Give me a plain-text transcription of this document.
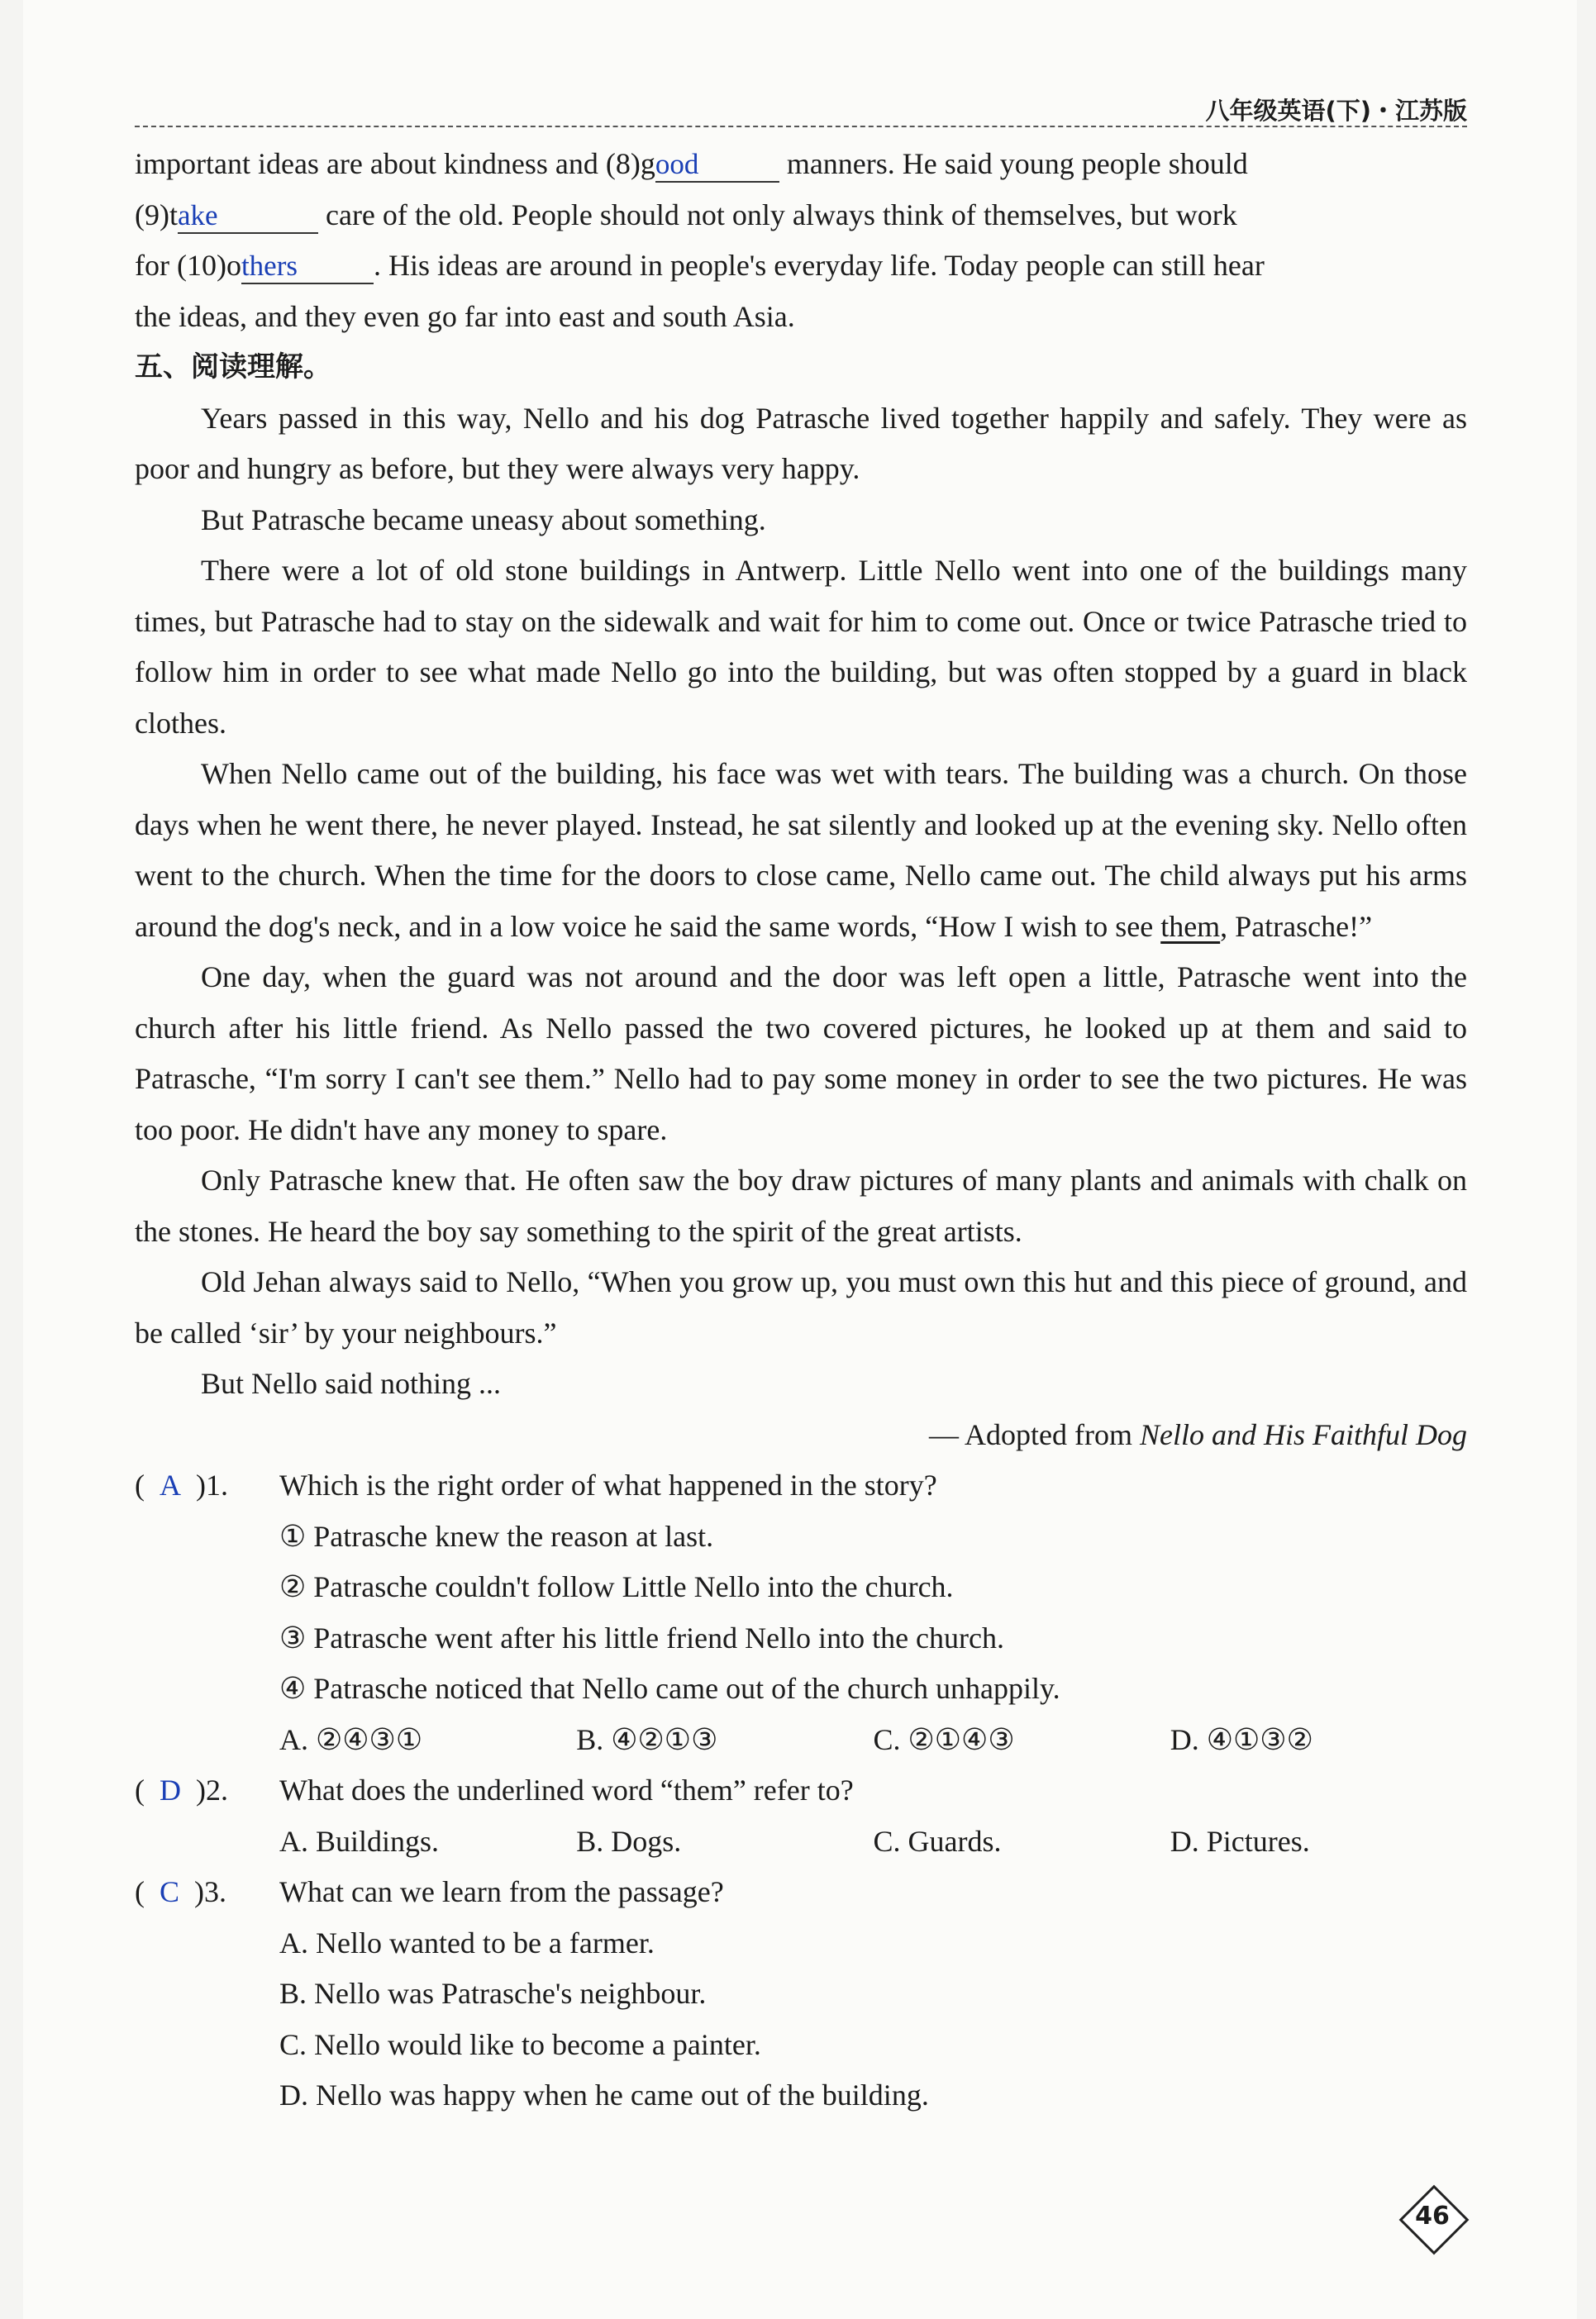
八年级英语(下)・江苏版

important ideas are about kindness and (8)good	manners. He said young people should

(9)take	care of the old. People should not only always think of themselves, but work

for (10)others	. His ideas are around in people's everyday life. Today people can still hear

the ideas, and they even go far into east and south Asia.

五、阅读理解。

Years passed in this way, Nello and his dog Patrasche lived together happily and safely. They were as poor and hungry as before, but they were always very happy.

But Patrasche became uneasy about something.

There were a lot of old stone buildings in Antwerp. Little Nello went into one of the buildings many times, but Patrasche had to stay on the sidewalk and wait for him to come out. Once or twice Patrasche tried to follow him in order to see what made Nello go into the building, but was often stopped by a guard in black clothes.

When Nello came out of the building, his face was wet with tears. The building was a church. On those days when he went there, he never played. Instead, he sat silently and looked up at the evening sky. Nello often went to the church. When the time for the doors to close came, Nello came out. The child always put his arms around the dog's neck, and in a low voice he said the same words, “How I wish to see them, Patrasche!”

One day, when the guard was not around and the door was left open a little, Patrasche went into the church after his little friend. As Nello passed the two covered pictures, he looked up at them and said to Patrasche, “I'm sorry I can't see them.” Nello had to pay some money in order to see the two pictures. He was too poor. He didn't have any money to spare.

Only Patrasche knew that. He often saw the boy draw pictures of many plants and animals with chalk on the stones. He heard the boy say something to the spirit of the great artists.

Old Jehan always said to Nello, “When you grow up, you must own this hut and this piece of ground, and be called ‘sir’ by your neighbours.”

But Nello said nothing ...

— Adopted from Nello and His Faithful Dog

(  A )1. Which is the right order of what happened in the story?

① Patrasche knew the reason at last.

② Patrasche couldn't follow Little Nello into the church.

③ Patrasche went after his little friend Nello into the church.

④ Patrasche noticed that Nello came out of the church unhappily.

A. ②④③①	B. ④②①③	C. ②①④③	D. ④①③②

(  D )2. What does the underlined word “them” refer to?

A. Buildings.	B. Dogs.	C. Guards.	D. Pictures.

(  C )3. What can we learn from the passage?

A. Nello wanted to be a farmer.

B. Nello was Patrasche's neighbour.

C. Nello would like to become a painter.

D. Nello was happy when he came out of the building.

46
